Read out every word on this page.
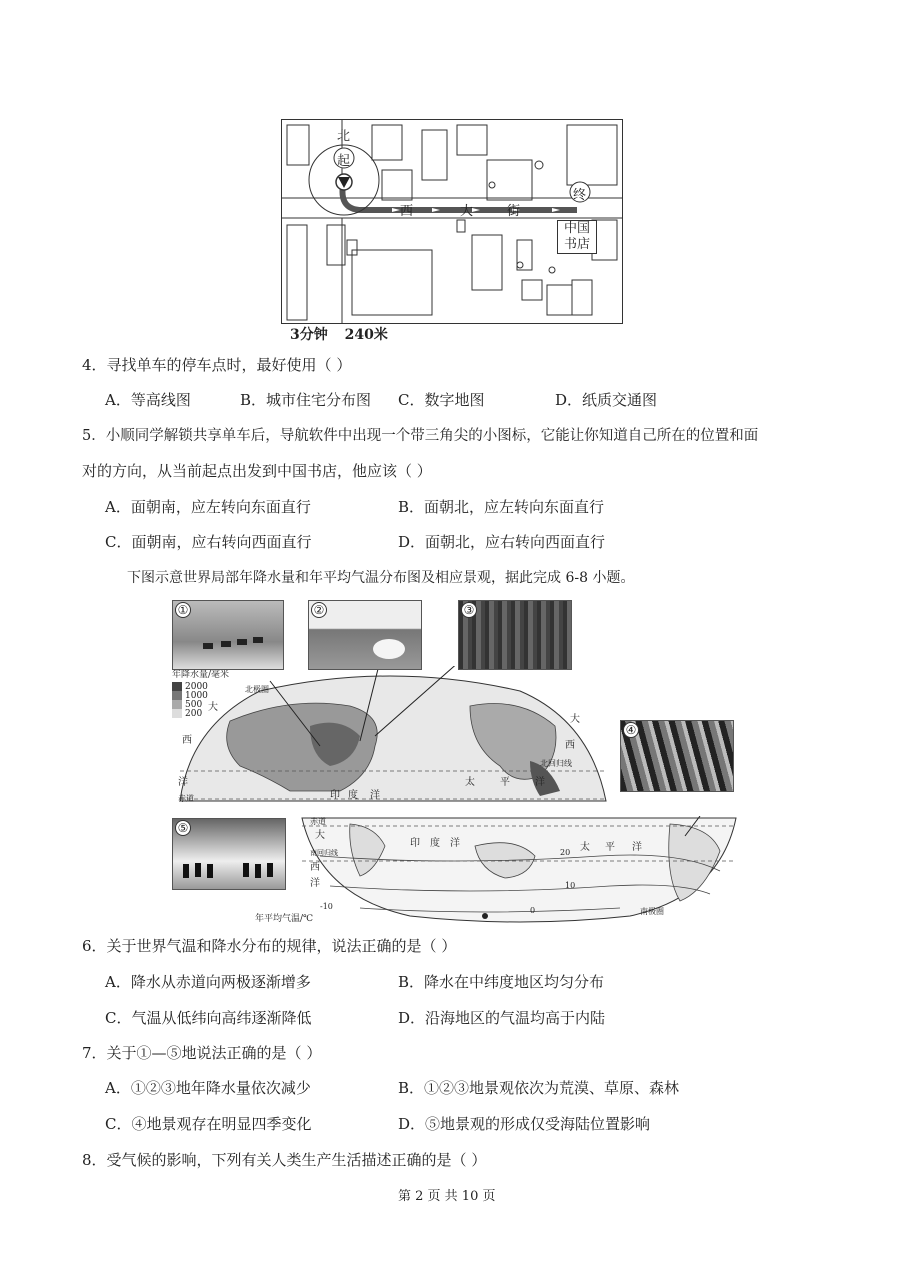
北
起
终
西	大	街
中国
书店
3分钟 240米
4．寻找单车的停车点时，最好使用（ ）
A．等高线图	B．城市住宅分布图 C．数字地图	D．纸质交通图
5．小顺同学解锁共享单车后，导航软件中出现一个带三角尖的小图标，它能让你知道自己所在的位置和面
对的方向，从当前起点出发到中国书店，他应该（ ）
A．面朝南，应左转向东面直行	B．面朝北，应左转向东面直行
C．面朝南，应右转向西面直行	D．面朝北，应右转向西面直行
下图示意世界局部年降水量和年平均气温分布图及相应景观，据此完成 6-8 小题。
年降水量/毫米
2000
1000
500
200
北极圈
大
西
洋	太	平	洋
印 度 洋
赤道
北回归线
大
西
赤道
大
印 度 洋	太 平 洋
西
南回归线
洋
南极圈
20
10
0
-10
年平均气温/℃
①	②	③
④
⑤
6．关于世界气温和降水分布的规律，说法正确的是（ ）
A．降水从赤道向两极逐渐增多	B．降水在中纬度地区均匀分布
C．气温从低纬向高纬逐渐降低	D．沿海地区的气温均高于内陆
7．关于①—⑤地说法正确的是（ ）
A．①②③地年降水量依次减少	B．①②③地景观依次为荒漠、草原、森林
C．④地景观存在明显四季变化	D．⑤地景观的形成仅受海陆位置影响
8．受气候的影响，下列有关人类生产生活描述正确的是（ ）
第 2 页 共 10 页
